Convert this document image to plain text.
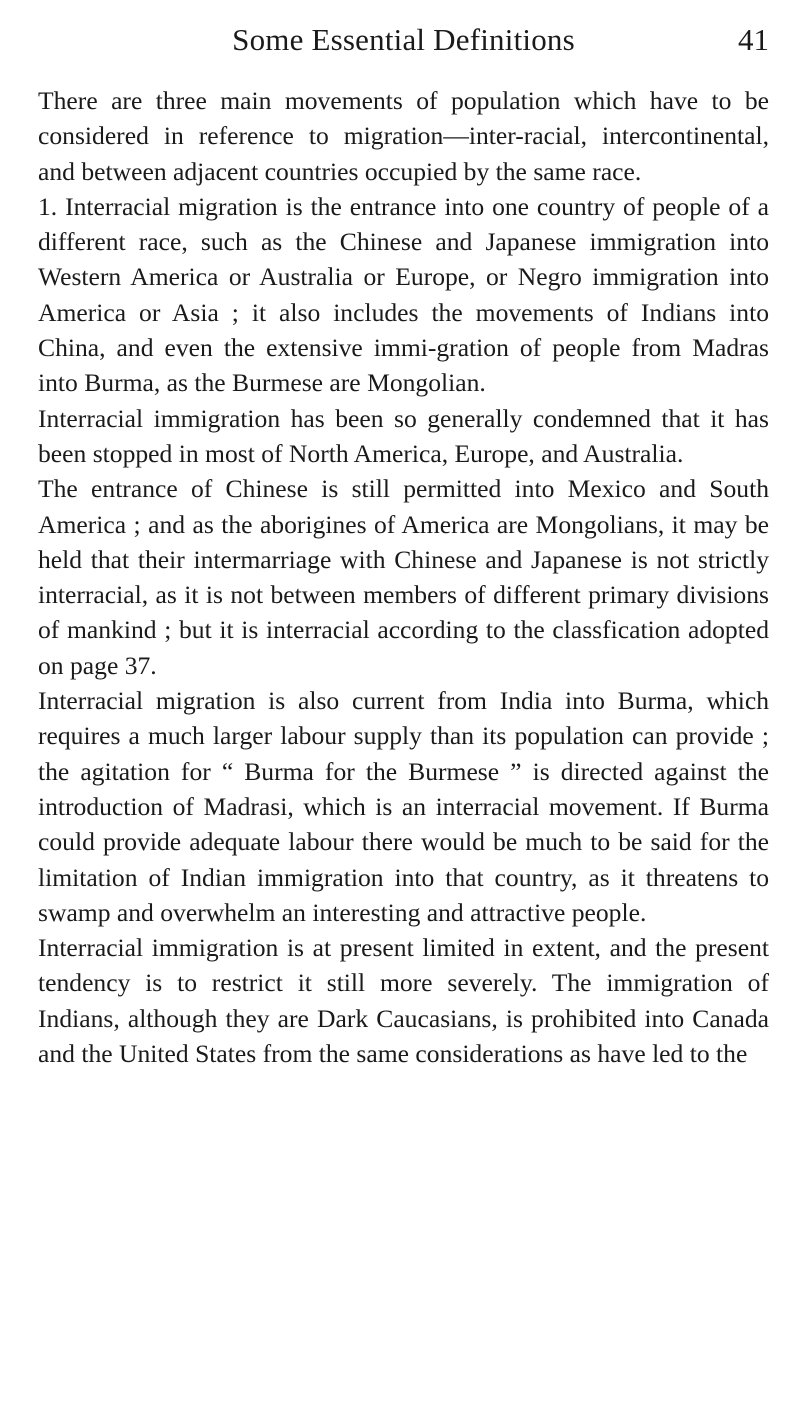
Some Essential Definitions	41

There are three main movements of population which have to be considered in reference to migration—inter-racial, intercontinental, and between adjacent countries occupied by the same race.

1. Interracial migration is the entrance into one country of people of a different race, such as the Chinese and Japanese immigration into Western America or Australia or Europe, or Negro immigration into America or Asia ; it also includes the movements of Indians into China, and even the extensive immi-gration of people from Madras into Burma, as the Burmese are Mongolian.

Interracial immigration has been so generally condemned that it has been stopped in most of North America, Europe, and Australia.

The entrance of Chinese is still permitted into Mexico and South America ; and as the aborigines of America are Mongolians, it may be held that their intermarriage with Chinese and Japanese is not strictly interracial, as it is not between members of different primary divisions of mankind ; but it is interracial according to the classfication adopted on page 37.

Interracial migration is also current from India into Burma, which requires a much larger labour supply than its population can provide ; the agitation for “ Burma for the Burmese ” is directed against the introduction of Madrasi, which is an interracial movement. If Burma could provide adequate labour there would be much to be said for the limitation of Indian immigration into that country, as it threatens to swamp and overwhelm an interesting and attractive people.

Interracial immigration is at present limited in extent, and the present tendency is to restrict it still more severely. The immigration of Indians, although they are Dark Caucasians, is prohibited into Canada and the United States from the same considerations as have led to the
